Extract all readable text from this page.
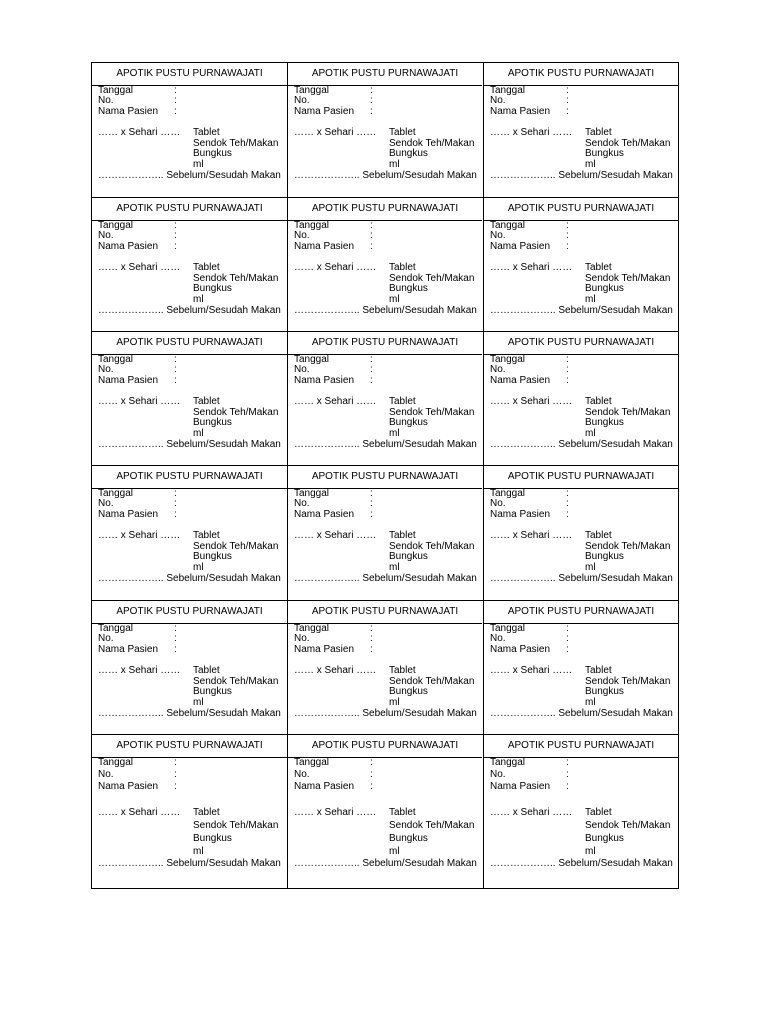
APOTIK PUSTU PURNAWAJATI
Tanggal	:
No.	:
Nama Pasien :
…… x Sehari …… Tablet
Sendok Teh/Makan
Bungkus
ml
……………….. Sebelum/Sesudah Makan
APOTIK PUSTU PURNAWAJATI
Tanggal	:
No.	:
Nama Pasien :
…… x Sehari …… Tablet
Sendok Teh/Makan
Bungkus
ml
……………….. Sebelum/Sesudah Makan
APOTIK PUSTU PURNAWAJATI
Tanggal	:
No.	:
Nama Pasien :
…… x Sehari …… Tablet
Sendok Teh/Makan
Bungkus
ml
……………….. Sebelum/Sesudah Makan
APOTIK PUSTU PURNAWAJATI
Tanggal	:
No.	:
Nama Pasien :
…… x Sehari …… Tablet
Sendok Teh/Makan
Bungkus
ml
……………….. Sebelum/Sesudah Makan
APOTIK PUSTU PURNAWAJATI
Tanggal	:
No.	:
Nama Pasien :
…… x Sehari …… Tablet
Sendok Teh/Makan
Bungkus
ml
……………….. Sebelum/Sesudah Makan
APOTIK PUSTU PURNAWAJATI
Tanggal	:
No.	:
Nama Pasien :
…… x Sehari …… Tablet
Sendok Teh/Makan
Bungkus
ml
……………….. Sebelum/Sesudah Makan
APOTIK PUSTU PURNAWAJATI
Tanggal	:
No.	:
Nama Pasien :
…… x Sehari …… Tablet
Sendok Teh/Makan
Bungkus
ml
……………….. Sebelum/Sesudah Makan
APOTIK PUSTU PURNAWAJATI
Tanggal	:
No.	:
Nama Pasien :
…… x Sehari …… Tablet
Sendok Teh/Makan
Bungkus
ml
……………….. Sebelum/Sesudah Makan
APOTIK PUSTU PURNAWAJATI
Tanggal	:
No.	:
Nama Pasien :
…… x Sehari …… Tablet
Sendok Teh/Makan
Bungkus
ml
……………….. Sebelum/Sesudah Makan
APOTIK PUSTU PURNAWAJATI
Tanggal	:
No.	:
Nama Pasien :
…… x Sehari …… Tablet
Sendok Teh/Makan
Bungkus
ml
……………….. Sebelum/Sesudah Makan
APOTIK PUSTU PURNAWAJATI
Tanggal	:
No.	:
Nama Pasien :
…… x Sehari …… Tablet
Sendok Teh/Makan
Bungkus
ml
……………….. Sebelum/Sesudah Makan
APOTIK PUSTU PURNAWAJATI
Tanggal	:
No.	:
Nama Pasien :
…… x Sehari …… Tablet
Sendok Teh/Makan
Bungkus
ml
……………….. Sebelum/Sesudah Makan
APOTIK PUSTU PURNAWAJATI
Tanggal	:
No.	:
Nama Pasien :
…… x Sehari …… Tablet
Sendok Teh/Makan
Bungkus
ml
……………….. Sebelum/Sesudah Makan
APOTIK PUSTU PURNAWAJATI
Tanggal	:
No.	:
Nama Pasien :
…… x Sehari …… Tablet
Sendok Teh/Makan
Bungkus
ml
……………….. Sebelum/Sesudah Makan
APOTIK PUSTU PURNAWAJATI
Tanggal	:
No.	:
Nama Pasien :
…… x Sehari …… Tablet
Sendok Teh/Makan
Bungkus
ml
……………….. Sebelum/Sesudah Makan
APOTIK PUSTU PURNAWAJATI
Tanggal	:
No.	:
Nama Pasien :
…… x Sehari …… Tablet
Sendok Teh/Makan
Bungkus
ml
……………….. Sebelum/Sesudah Makan
APOTIK PUSTU PURNAWAJATI
Tanggal	:
No.	:
Nama Pasien :
…… x Sehari …… Tablet
Sendok Teh/Makan
Bungkus
ml
……………….. Sebelum/Sesudah Makan
APOTIK PUSTU PURNAWAJATI
Tanggal	:
No.	:
Nama Pasien :
…… x Sehari …… Tablet
Sendok Teh/Makan
Bungkus
ml
……………….. Sebelum/Sesudah Makan
